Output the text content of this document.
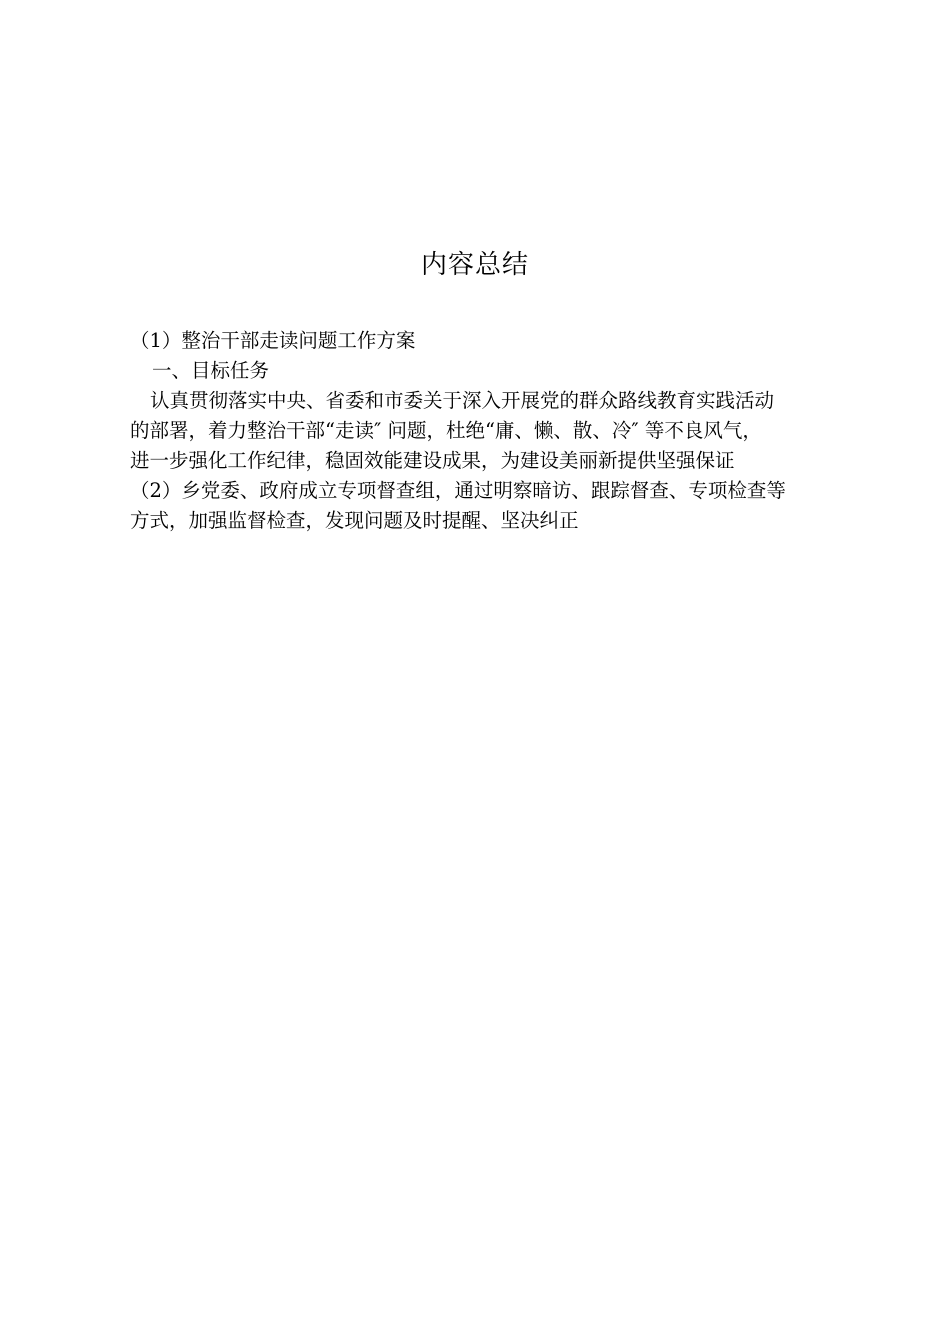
内容总结

（1）整治干部走读问题工作方案

一、目标任务

认真贯彻落实中央、省委和市委关于深入开展党的群众路线教育实践活动

的部署，着力整治干部“走读″ 问题，杜绝“庸、懒、散、冷″ 等不良风气，

进一步强化工作纪律，稳固效能建设成果，为建设美丽新提供坚强保证

（2）乡党委、政府成立专项督查组，通过明察暗访、跟踪督查、专项检查等

方式，加强监督检查，发现问题及时提醒、坚决纠正
